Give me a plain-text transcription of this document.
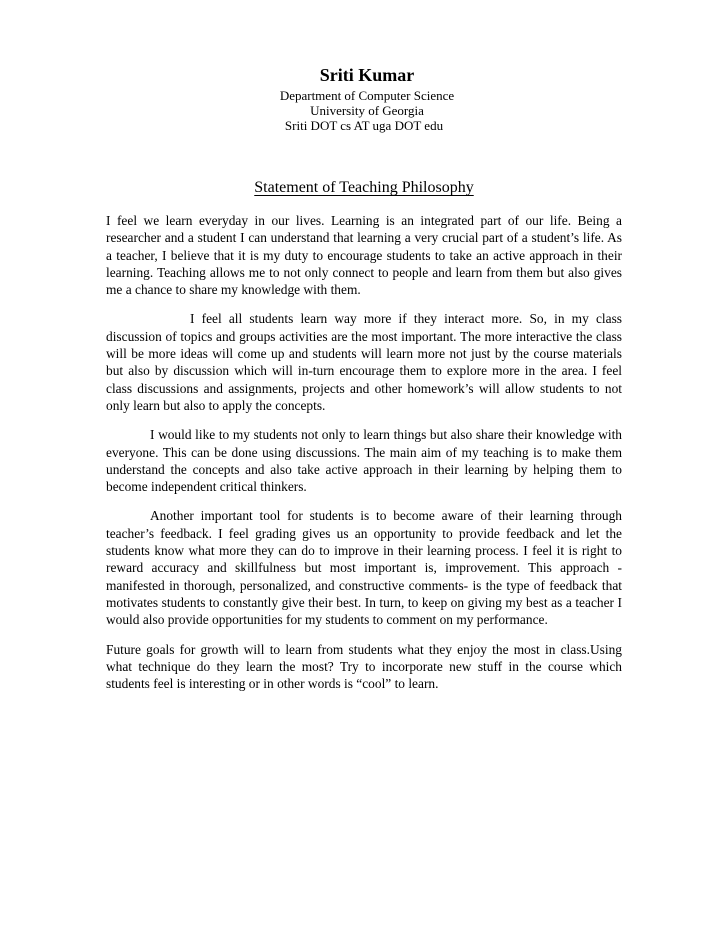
Sriti Kumar
Department of Computer Science
University of Georgia
Sriti DOT cs AT uga DOT edu
Statement of Teaching Philosophy

I feel we learn everyday in our lives. Learning is an integrated part of our life. Being a researcher and a student I can understand that learning a very crucial part of a student’s life. As a teacher, I believe that it is my duty to encourage students to take an active approach in their learning. Teaching allows me to not only connect to people and learn from them but also gives me a chance to share my knowledge with them.

I feel all students learn way more if they interact more. So, in my class discussion of topics and groups activities are the most important. The more interactive the class will be more ideas will come up and students will learn more not just by the course materials but also by discussion which will in-turn encourage them to explore more in the area. I feel class discussions and assignments, projects and other homework’s will allow students to not only learn but also to apply the concepts.

I would like to my students not only to learn things but also share their knowledge with everyone. This can be done using discussions. The main aim of my teaching is to make them understand the concepts and also take active approach in their learning by helping them to become independent critical thinkers.

Another important tool for students is to become aware of their learning through teacher’s feedback. I feel grading gives us an opportunity to provide feedback and let the students know what more they can do to improve in their learning process. I feel it is right to reward accuracy and skillfulness but most important is, improvement. This approach -manifested in thorough, personalized, and constructive comments- is the type of feedback that motivates students to constantly give their best. In turn, to keep on giving my best as a teacher I would also provide opportunities for my students to comment on my performance.

Future goals for growth will to learn from students what they enjoy the most in class.Using what technique do they learn the most? Try to incorporate new stuff in the course which students feel is interesting or in other words is “cool” to learn.
